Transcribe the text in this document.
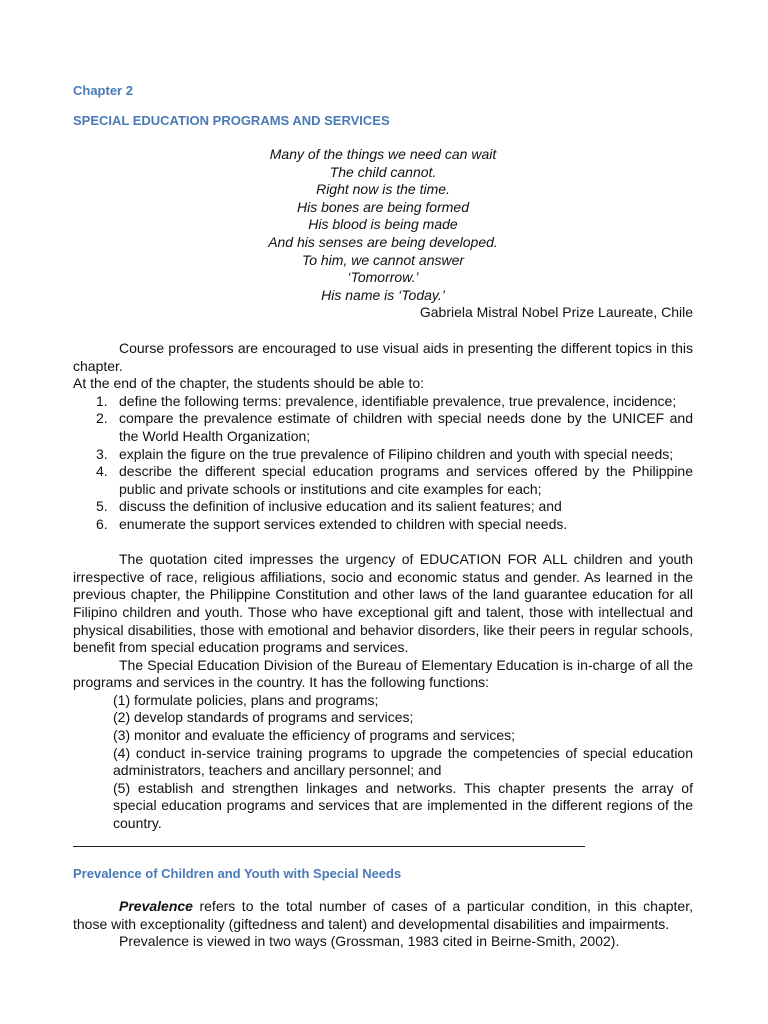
Chapter 2

SPECIAL EDUCATION PROGRAMS AND SERVICES

Many of the things we need can wait
The child cannot.
Right now is the time.
His bones are being formed
His blood is being made
And his senses are being developed.
To him, we cannot answer
‘Tomorrow.’
His name is ‘Today.’
Gabriela Mistral Nobel Prize Laureate, Chile

Course professors are encouraged to use visual aids in presenting the different topics in this chapter.

At the end of the chapter, the students should be able to:

1. define the following terms: prevalence, identifiable prevalence, true prevalence, incidence;
2. compare the prevalence estimate of children with special needs done by the UNICEF and the World Health Organization;
3. explain the figure on the true prevalence of Filipino children and youth with special needs;
4. describe the different special education programs and services offered by the Philippine public and private schools or institutions and cite examples for each;
5. discuss the definition of inclusive education and its salient features; and
6. enumerate the support services extended to children with special needs.

The quotation cited impresses the urgency of EDUCATION FOR ALL children and youth irrespective of race, religious affiliations, socio and economic status and gender. As learned in the previous chapter, the Philippine Constitution and other laws of the land guarantee education for all Filipino children and youth. Those who have exceptional gift and talent, those with intellectual and physical disabilities, those with emotional and behavior disorders, like their peers in regular schools, benefit from special education programs and services.

The Special Education Division of the Bureau of Elementary Education is in-charge of all the programs and services in the country. It has the following functions:

(1) formulate policies, plans and programs;
(2) develop standards of programs and services;
(3) monitor and evaluate the efficiency of programs and services;
(4) conduct in-service training programs to upgrade the competencies of special education administrators, teachers and ancillary personnel; and
(5) establish and strengthen linkages and networks. This chapter presents the array of special education programs and services that are implemented in the different regions of the country.

Prevalence of Children and Youth with Special Needs

Prevalence refers to the total number of cases of a particular condition, in this chapter, those with exceptionality (giftedness and talent) and developmental disabilities and impairments.

Prevalence is viewed in two ways (Grossman, 1983 cited in Beirne-Smith, 2002).
